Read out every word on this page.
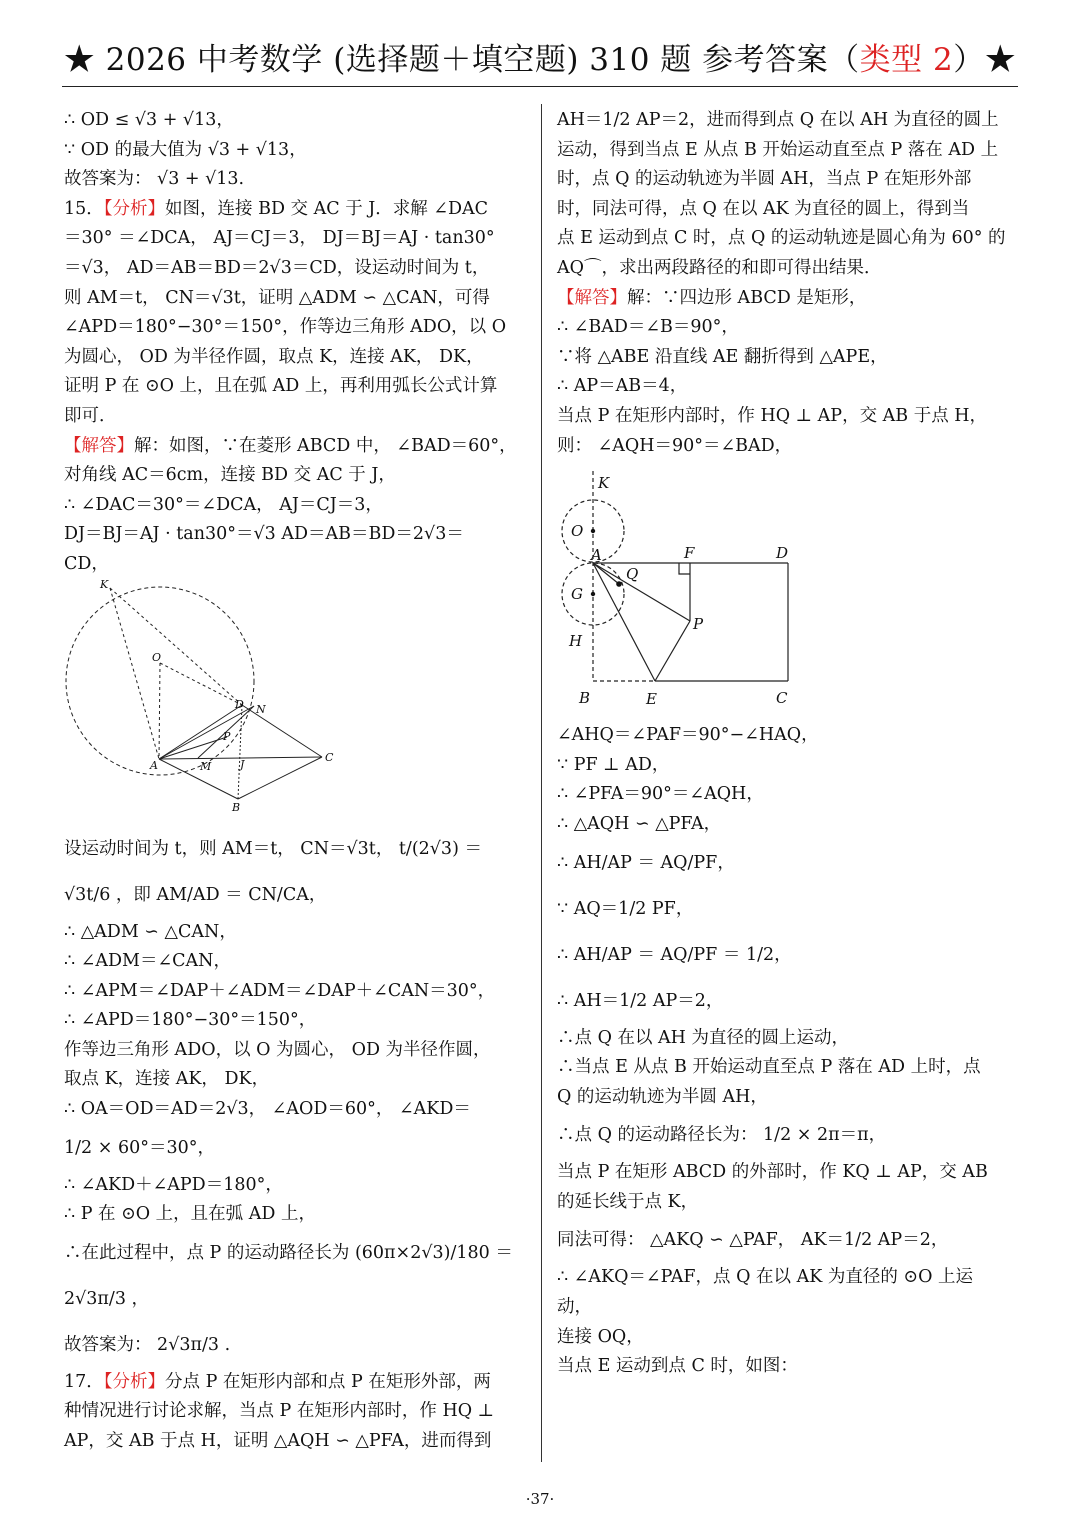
★ 2026 中考数学 (选择题＋填空题) 310 题 参考答案（类型 2）★
∴ OD ≤ √3 + √13，
∵ OD 的最大值为 √3 + √13，
故答案为： √3 + √13.
15．【分析】如图，连接 BD 交 AC 于 J．求解 ∠DAC
＝30° ＝∠DCA， AJ＝CJ＝3， DJ＝BJ＝AJ · tan30°
＝√3， AD＝AB＝BD＝2√3＝CD，设运动时间为 t，
则 AM＝t， CN＝√3t，证明 △ADM ∽ △CAN，可得
∠APD＝180°−30°＝150°，作等边三角形 ADO，以 O
为圆心， OD 为半径作圆，取点 K，连接 AK， DK，
证明 P 在 ⊙O 上，且在弧 AD 上，再利用弧长公式计算
即可．
【解答】解：如图，∵在菱形 ABCD 中， ∠BAD＝60°，
对角线 AC＝6cm，连接 BD 交 AC 于 J，
∴ ∠DAC＝30°＝∠DCA， AJ＝CJ＝3，
DJ＝BJ＝AJ · tan30°＝√3 AD＝AB＝BD＝2√3＝
CD，
K
O
D N
P
A	M	J
C
B
设运动时间为 t，则 AM＝t， CN＝√3t， t/(2√3) ＝
√3t/6 ，即 AM/AD ＝ CN/CA，
∴ △ADM ∽ △CAN，
∴ ∠ADM＝∠CAN，
∴ ∠APM＝∠DAP＋∠ADM＝∠DAP＋∠CAN＝30°，
∴ ∠APD＝180°−30°＝150°，
作等边三角形 ADO，以 O 为圆心， OD 为半径作圆，
取点 K，连接 AK， DK，
∴ OA＝OD＝AD＝2√3， ∠AOD＝60°， ∠AKD＝
1/2 × 60°＝30°，
∴ ∠AKD＋∠APD＝180°，
∴ P 在 ⊙O 上，且在弧 AD 上，
∴在此过程中，点 P 的运动路径长为 (60π×2√3)/180 ＝
2√3π/3 ，
故答案为： 2√3π/3 .
17．【分析】分点 P 在矩形内部和点 P 在矩形外部，两
种情况进行讨论求解，当点 P 在矩形内部时，作 HQ ⊥
AP，交 AB 于点 H，证明 △AQH ∽ △PFA，进而得到
AH＝1/2 AP＝2，进而得到点 Q 在以 AH 为直径的圆上
运动，得到当点 E 从点 B 开始运动直至点 P 落在 AD 上
时，点 Q 的运动轨迹为半圆 AH，当点 P 在矩形外部
时，同法可得，点 Q 在以 AK 为直径的圆上，得到当
点 E 运动到点 C 时，点 Q 的运动轨迹是圆心角为 60° 的
AQ⌒，求出两段路径的和即可得出结果．
【解答】解：∵四边形 ABCD 是矩形，
∴ ∠BAD＝∠B＝90°，
∵将 △ABE 沿直线 AE 翻折得到 △APE，
∴ AP＝AB＝4，
当点 P 在矩形内部时，作 HQ ⊥ AP，交 AB 于点 H，
则： ∠AQH＝90°＝∠BAD，
K
O
A	F	D
Q
G
P
H
B	E	C
∠AHQ＝∠PAF＝90°−∠HAQ，
∵ PF ⊥ AD，
∴ ∠PFA＝90°＝∠AQH，
∴ △AQH ∽ △PFA，
∴ AH/AP ＝ AQ/PF，
∵ AQ＝1/2 PF，
∴ AH/AP ＝ AQ/PF ＝ 1/2，
∴ AH＝1/2 AP＝2，
∴点 Q 在以 AH 为直径的圆上运动，
∴当点 E 从点 B 开始运动直至点 P 落在 AD 上时，点
Q 的运动轨迹为半圆 AH，
∴点 Q 的运动路径长为： 1/2 × 2π＝π，
当点 P 在矩形 ABCD 的外部时，作 KQ ⊥ AP，交 AB
的延长线于点 K，
同法可得： △AKQ ∽ △PAF， AK＝1/2 AP＝2，
∴ ∠AKQ＝∠PAF，点 Q 在以 AK 为直径的 ⊙O 上运
动，
连接 OQ，
当点 E 运动到点 C 时，如图：
·37·
